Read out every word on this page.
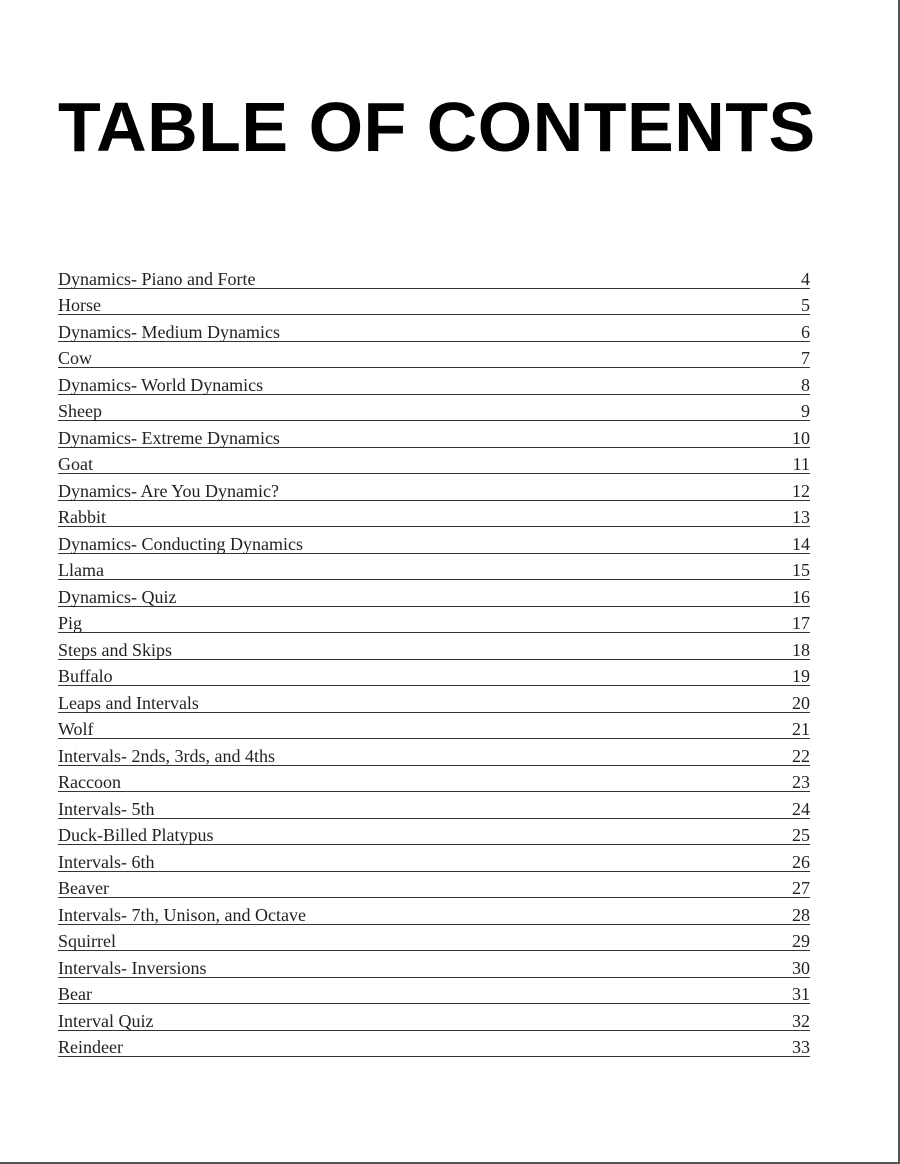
TABLE OF CONTENTS
Dynamics- Piano and Forte	4
Horse	5
Dynamics- Medium Dynamics	6
Cow	7
Dynamics- World Dynamics	8
Sheep	9
Dynamics- Extreme Dynamics	10
Goat	11
Dynamics- Are You Dynamic?	12
Rabbit	13
Dynamics- Conducting Dynamics	14
Llama	15
Dynamics- Quiz	16
Pig	17
Steps and Skips	18
Buffalo	19
Leaps and Intervals	20
Wolf	21
Intervals- 2nds, 3rds, and 4ths	22
Raccoon	23
Intervals- 5th	24
Duck-Billed Platypus	25
Intervals- 6th	26
Beaver	27
Intervals- 7th, Unison, and Octave	28
Squirrel	29
Intervals- Inversions	30
Bear	31
Interval Quiz	32
Reindeer	33
